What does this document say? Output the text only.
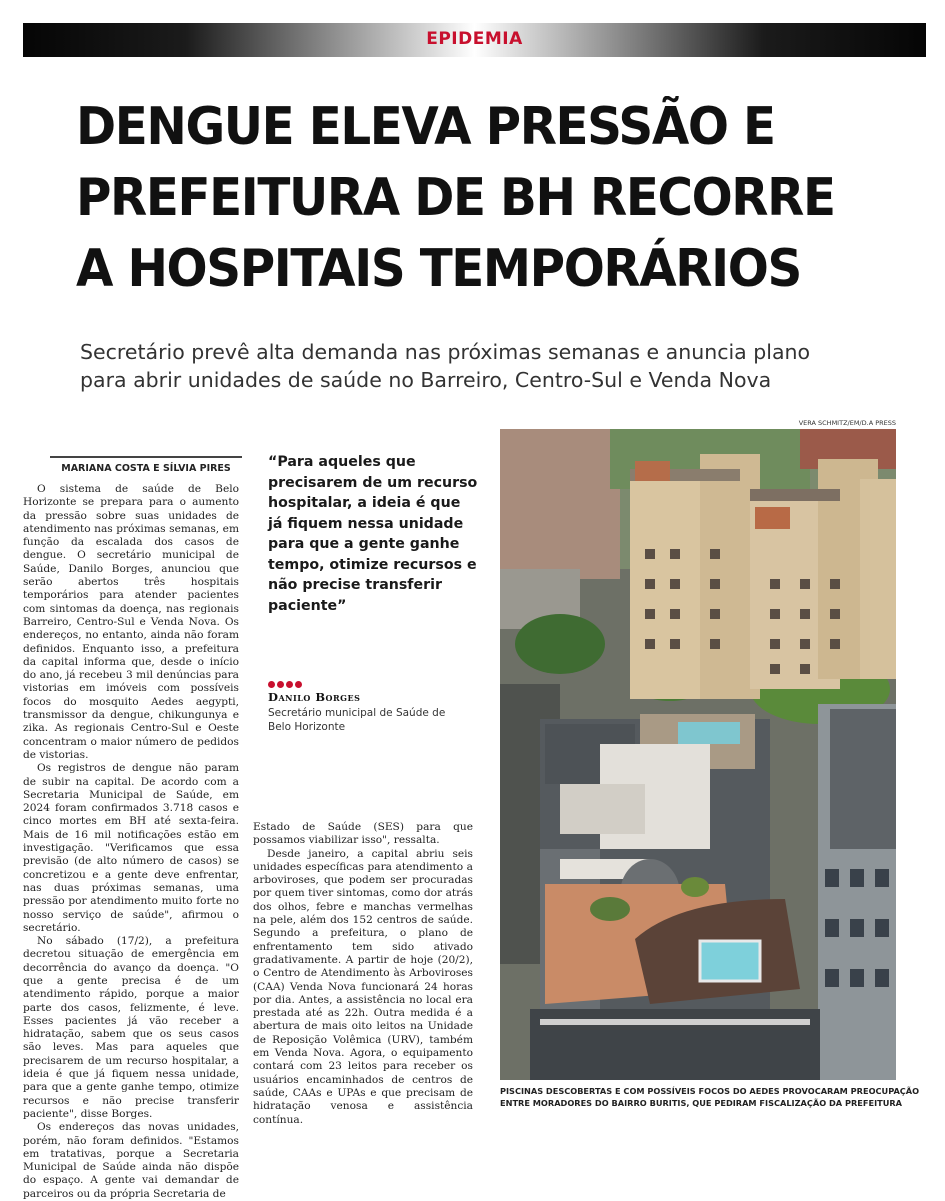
EPIDEMIA
DENGUE ELEVA PRESSÃO E
PREFEITURA DE BH RECORRE
A HOSPITAIS TEMPORÁRIOS
Secretário prevê alta demanda nas próximas semanas e anuncia plano
para abrir unidades de saúde no Barreiro, Centro-Sul e Venda Nova
MARIANA COSTA E SÍLVIA PIRES

O sistema de saúde de Belo Horizonte se prepara para o aumento da pressão sobre suas unidades de atendimento nas próximas semanas, em função da escalada dos casos de dengue. O secretário municipal de Saúde, Danilo Borges, anunciou que serão abertos três hospitais temporários para atender pacientes com sintomas da doença, nas regionais Barreiro, Centro-Sul e Venda Nova. Os endereços, no entanto, ainda não foram definidos. Enquanto isso, a prefeitura da capital informa que, desde o início do ano, já recebeu 3 mil denúncias para vistorias em imóveis com possíveis focos do mosquito Aedes aegypti, transmissor da dengue, chikungunya e zika. As regionais Centro-Sul e Oeste concentram o maior número de pedidos de vistorias.

Os registros de dengue não param de subir na capital. De acordo com a Secretaria Municipal de Saúde, em 2024 foram confirmados 3.718 casos e cinco mortes em BH até sexta-feira. Mais de 16 mil notificações estão em investigação. "Verificamos que essa previsão (de alto número de casos) se concretizou e a gente deve enfrentar, nas duas próximas semanas, uma pressão por atendimento muito forte no nosso serviço de saúde", afirmou o secretário.

No sábado (17/2), a prefeitura decretou situação de emergência em decorrência do avanço da doença. "O que a gente precisa é de um atendimento rápido, porque a maior parte dos casos, felizmente, é leve. Esses pacientes já vão receber a hidratação, sabem que os seus casos são leves. Mas para aqueles que precisarem de um recurso hospitalar, a ideia é que já fiquem nessa unidade, para que a gente ganhe tempo, otimize recursos e não precise transferir paciente", disse Borges.

Os endereços das novas unidades, porém, não foram definidos. "Estamos em tratativas, porque a Secretaria Municipal de Saúde ainda não dispõe do espaço. A gente vai demandar de parceiros ou da própria Secretaria de

“Para aqueles que precisarem de um recurso hospitalar, a ideia é que já fiquem nessa unidade para que a gente ganhe tempo, otimize recursos e não precise transferir paciente”
Danilo Borges
Secretário municipal de Saúde de Belo Horizonte

Estado de Saúde (SES) para que possamos viabilizar isso", ressalta.

Desde janeiro, a capital abriu seis unidades específicas para atendimento a arboviroses, que podem ser procuradas por quem tiver sintomas, como dor atrás dos olhos, febre e manchas vermelhas na pele, além dos 152 centros de saúde. Segundo a prefeitura, o plano de enfrentamento tem sido ativado gradativamente. A partir de hoje (20/2), o Centro de Atendimento às Arboviroses (CAA) Venda Nova funcionará 24 horas por dia. Antes, a assistência no local era prestada até as 22h. Outra medida é a abertura de mais oito leitos na Unidade de Reposição Volêmica (URV), também em Venda Nova. Agora, o equipamento contará com 23 leitos para receber os usuários encaminhados de centros de saúde, CAAs e UPAs e que precisam de hidratação venosa e assistência contínua.

VERA SCHMITZ/EM/D.A PRESS
PISCINAS DESCOBERTAS E COM POSSÍVEIS FOCOS DO AEDES PROVOCARAM PREOCUPAÇÃO
ENTRE MORADORES DO BAIRRO BURITIS, QUE PEDIRAM FISCALIZAÇÃO DA PREFEITURA
